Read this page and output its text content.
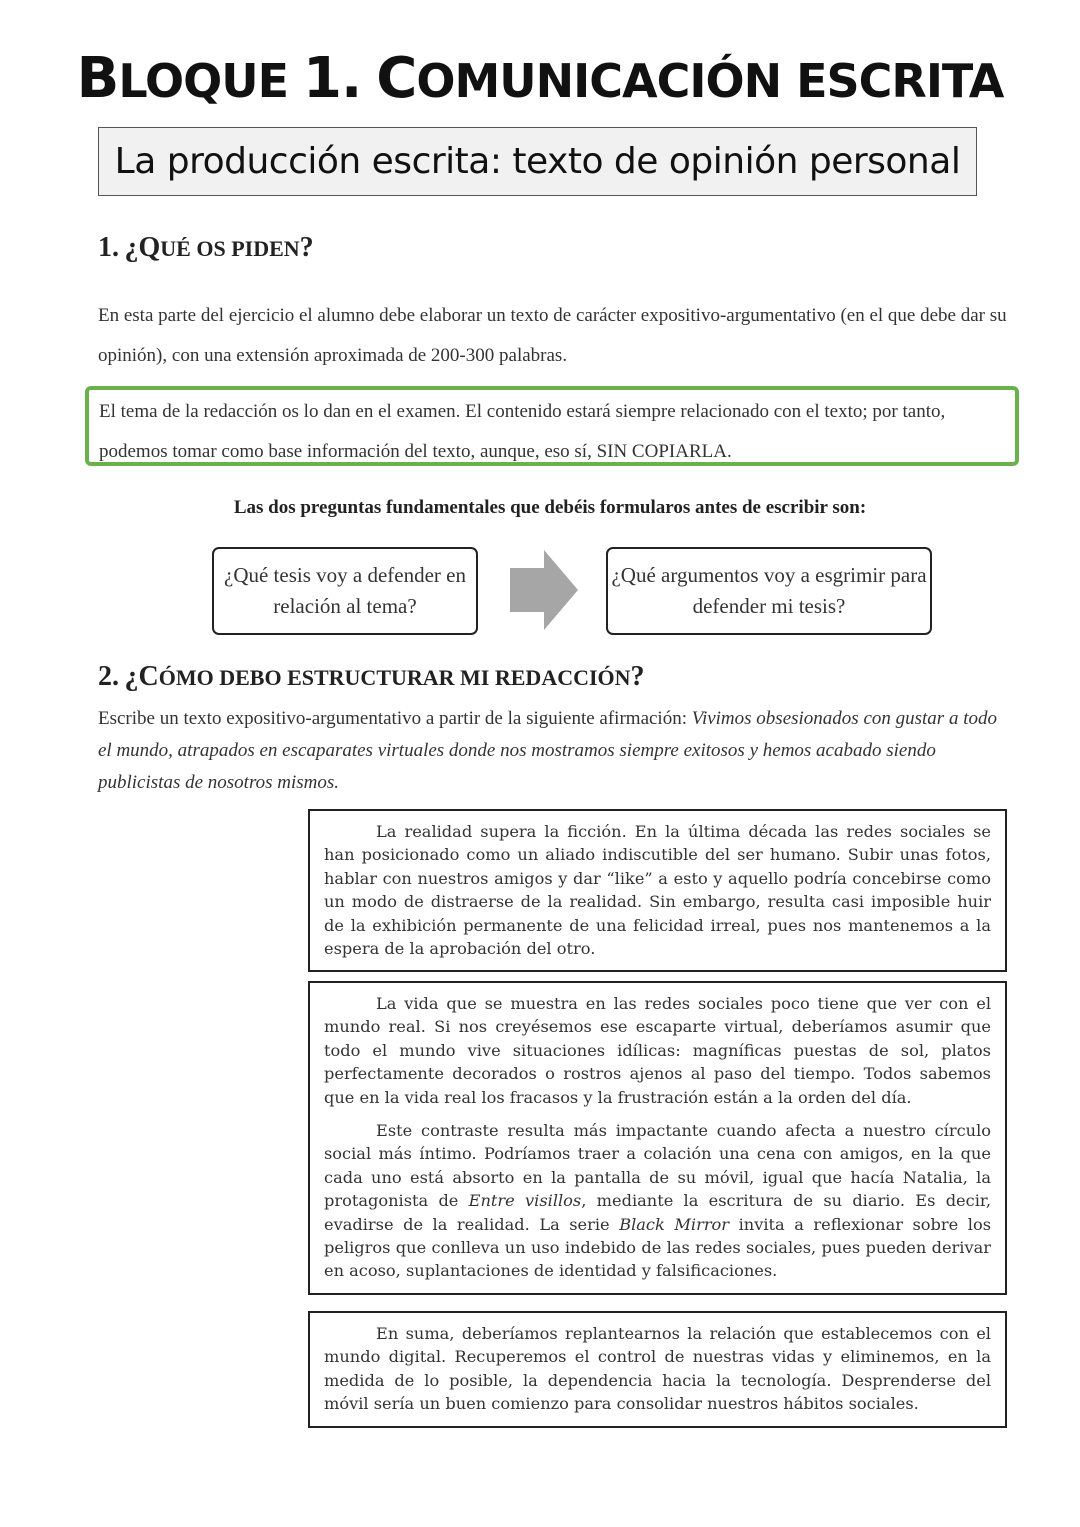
BLOQUE 1. COMUNICACIÓN ESCRITA
La producción escrita: texto de opinión personal
1. ¿QUÉ OS PIDEN?
En esta parte del ejercicio el alumno debe elaborar un texto de carácter expositivo-argumentativo (en el que debe dar su opinión), con una extensión aproximada de 200-300 palabras.
El tema de la redacción os lo dan en el examen. El contenido estará siempre relacionado con el texto; por tanto, podemos tomar como base información del texto, aunque, eso sí, SIN COPIARLA.
Las dos preguntas fundamentales que debéis formularos antes de escribir son:
¿Qué tesis voy a defender en relación al tema?
¿Qué argumentos voy a esgrimir para defender mi tesis?
2. ¿CÓMO DEBO ESTRUCTURAR MI REDACCIÓN?
Escribe un texto expositivo-argumentativo a partir de la siguiente afirmación: Vivimos obsesionados con gustar a todo el mundo, atrapados en escaparates virtuales donde nos mostramos siempre exitosos y hemos acabado siendo publicistas de nosotros mismos.

La realidad supera la ficción. En la última década las redes sociales se han posicionado como un aliado indiscutible del ser humano. Subir unas fotos, hablar con nuestros amigos y dar “like” a esto y aquello podría concebirse como un modo de distraerse de la realidad. Sin embargo, resulta casi imposible huir de la exhibición permanente de una felicidad irreal, pues nos mantenemos a la espera de la aprobación del otro.

La vida que se muestra en las redes sociales poco tiene que ver con el mundo real. Si nos creyésemos ese escaparte virtual, deberíamos asumir que todo el mundo vive situaciones idílicas: magníficas puestas de sol, platos perfectamente decorados o rostros ajenos al paso del tiempo. Todos sabemos que en la vida real los fracasos y la frustración están a la orden del día.

Este contraste resulta más impactante cuando afecta a nuestro círculo social más íntimo. Podríamos traer a colación una cena con amigos, en la que cada uno está absorto en la pantalla de su móvil, igual que hacía Natalia, la protagonista de Entre visillos, mediante la escritura de su diario. Es decir, evadirse de la realidad. La serie Black Mirror invita a reflexionar sobre los peligros que conlleva un uso indebido de las redes sociales, pues pueden derivar en acoso, suplantaciones de identidad y falsificaciones.

En suma, deberíamos replantearnos la relación que establecemos con el mundo digital. Recuperemos el control de nuestras vidas y eliminemos, en la medida de lo posible, la dependencia hacia la tecnología. Desprenderse del móvil sería un buen comienzo para consolidar nuestros hábitos sociales.
